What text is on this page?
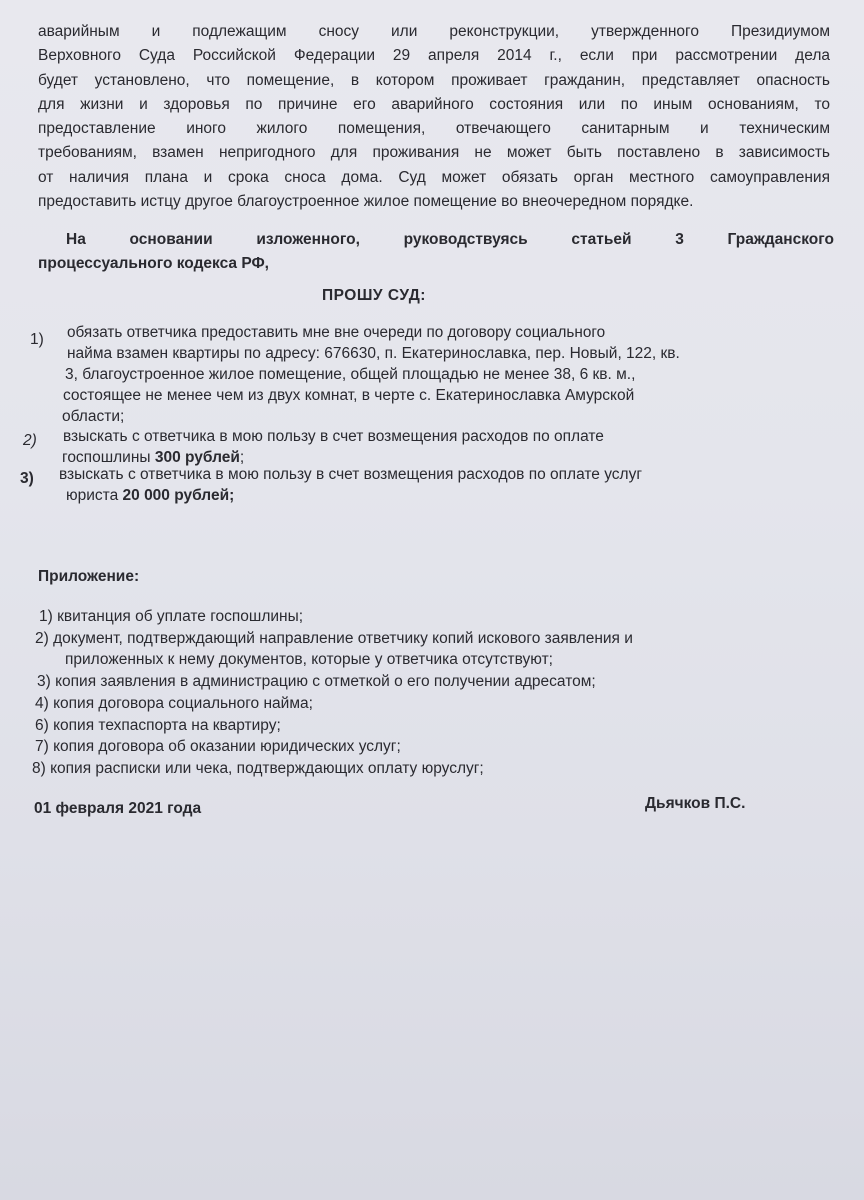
аварийным и подлежащим сносу или реконструкции, утвержденного Президиумом
Верховного Суда Российской Федерации 29 апреля 2014 г., если при рассмотрении дела
будет установлено, что помещение, в котором проживает гражданин, представляет опасность
для жизни и здоровья по причине его аварийного состояния или по иным основаниям, то
предоставление иного жилого помещения, отвечающего санитарным и техническим
требованиям, взамен непригодного для проживания не может быть поставлено в зависимость
от наличия плана и срока сноса дома. Суд может обязать орган местного самоуправления
предоставить истцу другое благоустроенное жилое помещение во внеочередном порядке.
На основании изложенного, руководствуясь статьей 3 Гражданского
процессуального кодекса РФ,
ПРОШУ СУД:
1) обязать ответчика предоставить мне вне очереди по договору социального
найма взамен квартиры по адресу: 676630, п. Екатеринославка, пер. Новый, 122, кв.
3, благоустроенное жилое помещение, общей площадью не менее 38, 6 кв. м.,
состоящее не менее чем из двух комнат, в черте с. Екатеринославка Амурской
области;
2) взыскать с ответчика в мою пользу в счет возмещения расходов по оплате
госпошлины 300 рублей;
3) взыскать с ответчика в мою пользу в счет возмещения расходов по оплате услуг
юриста 20 000 рублей;
Приложение:
1) квитанция об уплате госпошлины;
2) документ, подтверждающий направление ответчику копий искового заявления и
приложенных к нему документов, которые у ответчика отсутствуют;
3) копия заявления в администрацию с отметкой о его получении адресатом;
4) копия договора социального найма;
6) копия техпаспорта на квартиру;
7) копия договора об оказании юридических услуг;
8) копия расписки или чека, подтверждающих оплату юруслуг;
01 февраля 2021 года	Дьячков П.С.
